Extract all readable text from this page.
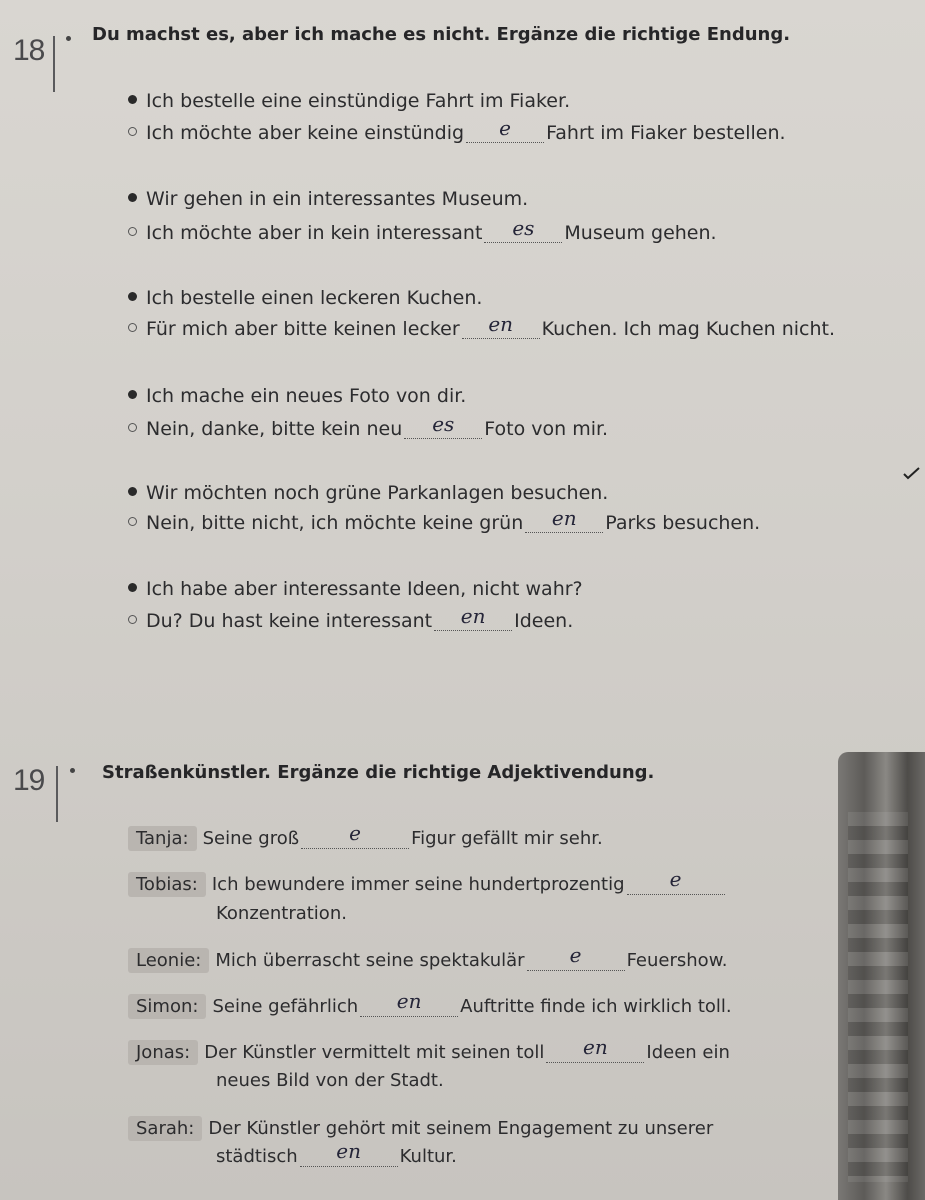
18	Du machst es, aber ich mache es nicht. Ergänze die richtige Endung.
Ich bestelle eine einstündige Fahrt im Fiaker.
Ich möchte aber keine einstündig e Fahrt im Fiaker bestellen.
Wir gehen in ein interessantes Museum.
Ich möchte aber in kein interessant es Museum gehen.
Ich bestelle einen leckeren Kuchen.
Für mich aber bitte keinen lecker en Kuchen. Ich mag Kuchen nicht.
Ich mache ein neues Foto von dir.
Nein, danke, bitte kein neu es Foto von mir.
Wir möchten noch grüne Parkanlagen besuchen.
Nein, bitte nicht, ich möchte keine grün en Parks besuchen.
Ich habe aber interessante Ideen, nicht wahr?
Du? Du hast keine interessant en Ideen.
19	Straßenkünstler. Ergänze die richtige Adjektivendung.
Tanja: Seine groß	e	Figur gefällt mir sehr.
Tobias: Ich bewundere immer seine hundertprozentig e
Konzentration.
Leonie: Mich überrascht seine spektakulär e	Feuershow.
Simon: Seine gefährlich en Auftritte finde ich wirklich toll.
Jonas: Der Künstler vermittelt mit seinen toll en Ideen ein
neues Bild von der Stadt.
Sarah: Der Künstler gehört mit seinem Engagement zu unserer
städtisch en Kultur.
